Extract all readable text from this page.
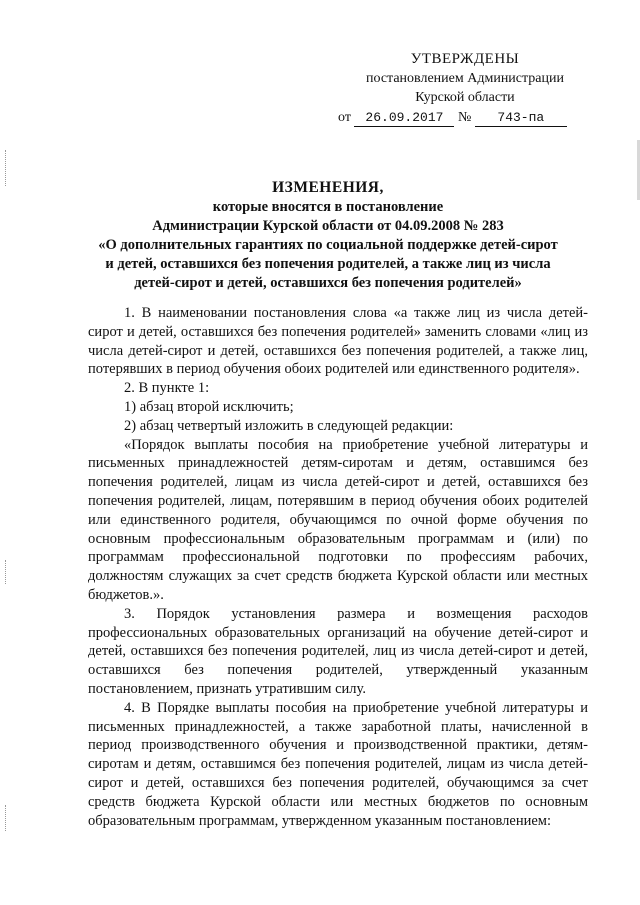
УТВЕРЖДЕНЫ
постановлением Администрации
Курской области
от 26.09.2017 № 743-па
ИЗМЕНЕНИЯ,
которые вносятся в постановление
Администрации Курской области от 04.09.2008 № 283
«О дополнительных гарантиях по социальной поддержке детей-сирот
и детей, оставшихся без попечения родителей, а также лиц из числа
детей-сирот и детей, оставшихся без попечения родителей»

1. В наименовании постановления слова «а также лиц из числа детей-сирот и детей, оставшихся без попечения родителей» заменить словами «лиц из числа детей-сирот и детей, оставшихся без попечения родителей, а также лиц, потерявших в период обучения обоих родителей или единственного родителя».

2. В пункте 1:

1) абзац второй исключить;

2) абзац четвертый изложить в следующей редакции:

«Порядок выплаты пособия на приобретение учебной литературы и письменных принадлежностей детям-сиротам и детям, оставшимся без попечения родителей, лицам из числа детей-сирот и детей, оставшихся без попечения родителей, лицам, потерявшим в период обучения обоих родителей или единственного родителя, обучающимся по очной форме обучения по основным профессиональным образовательным программам и (или) по программам профессиональной подготовки по профессиям рабочих, должностям служащих за счет средств бюджета Курской области или местных бюджетов.».

3. Порядок установления размера и возмещения расходов профессиональных образовательных организаций на обучение детей-сирот и детей, оставшихся без попечения родителей, лиц из числа детей-сирот и детей, оставшихся без попечения родителей, утвержденный указанным постановлением, признать утратившим силу.

4. В Порядке выплаты пособия на приобретение учебной литературы и письменных принадлежностей, а также заработной платы, начисленной в период производственного обучения и производственной практики, детям-сиротам и детям, оставшимся без попечения родителей, лицам из числа детей-сирот и детей, оставшихся без попечения родителей, обучающимся за счет средств бюджета Курской области или местных бюджетов по основным образовательным программам, утвержденном указанным постановлением:
